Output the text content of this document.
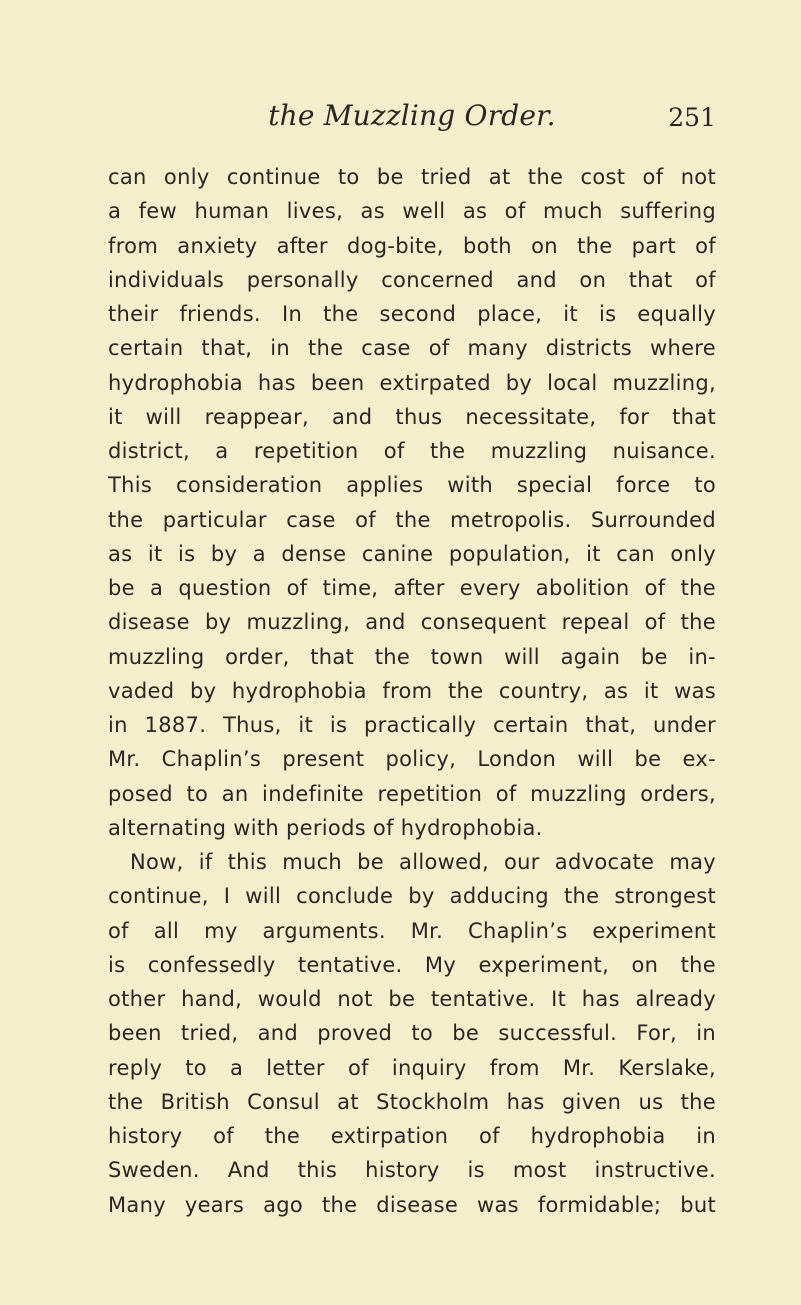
the Muzzling Order.	251
can only continue to be tried at the cost of not
a few human lives, as well as of much suffering
from anxiety after dog-bite, both on the part of
individuals personally concerned and on that of
their friends. In the second place, it is equally
certain that, in the case of many districts where
hydrophobia has been extirpated by local muzzling,
it will reappear, and thus necessitate, for that
district, a repetition of the muzzling nuisance.
This consideration applies with special force to
the particular case of the metropolis. Surrounded
as it is by a dense canine population, it can only
be a question of time, after every abolition of the
disease by muzzling, and consequent repeal of the
muzzling order, that the town will again be in-
vaded by hydrophobia from the country, as it was
in 1887. Thus, it is practically certain that, under
Mr. Chaplin’s present policy, London will be ex-
posed to an indefinite repetition of muzzling orders,
alternating with periods of hydrophobia.
Now, if this much be allowed, our advocate may
continue, I will conclude by adducing the strongest
of all my arguments. Mr. Chaplin’s experiment
is confessedly tentative. My experiment, on the
other hand, would not be tentative. It has already
been tried, and proved to be successful. For, in
reply to a letter of inquiry from Mr. Kerslake,
the British Consul at Stockholm has given us the
history of the extirpation of hydrophobia in
Sweden. And this history is most instructive.
Many years ago the disease was formidable; but
